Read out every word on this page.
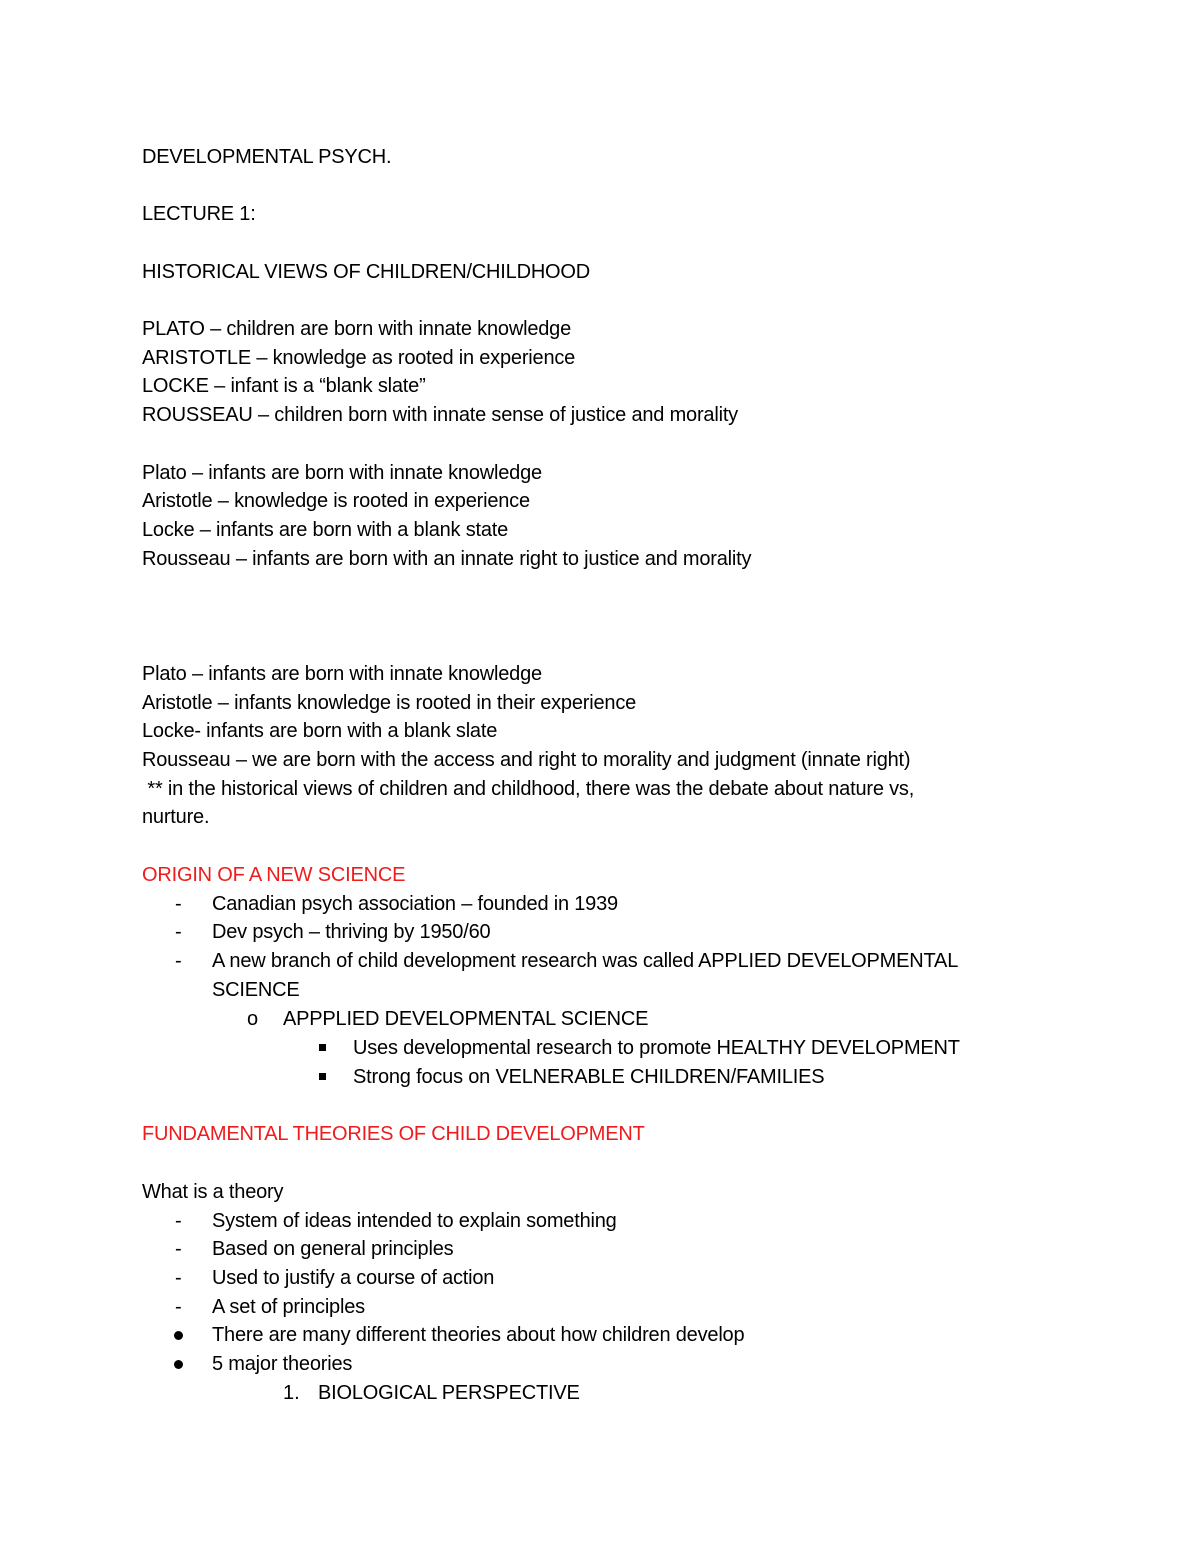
DEVELOPMENTAL PSYCH.
LECTURE 1:
HISTORICAL VIEWS OF CHILDREN/CHILDHOOD
PLATO – children are born with innate knowledge
ARISTOTLE – knowledge as rooted in experience
LOCKE – infant is a “blank slate”
ROUSSEAU – children born with innate sense of justice and morality
Plato – infants are born with innate knowledge
Aristotle – knowledge is rooted in experience
Locke – infants are born with a blank state
Rousseau – infants are born with an innate right to justice and morality
Plato – infants are born with innate knowledge
Aristotle – infants knowledge is rooted in their experience
Locke- infants are born with a blank slate
Rousseau – we are born with the access and right to morality and judgment (innate right)
** in the historical views of children and childhood, there was the debate about nature vs,
nurture.
ORIGIN OF A NEW SCIENCE
- Canadian psych association – founded in 1939
- Dev psych – thriving by 1950/60
- A new branch of child development research was called APPLIED DEVELOPMENTAL
SCIENCE
o APPPLIED DEVELOPMENTAL SCIENCE
Uses developmental research to promote HEALTHY DEVELOPMENT
Strong focus on VELNERABLE CHILDREN/FAMILIES
FUNDAMENTAL THEORIES OF CHILD DEVELOPMENT
What is a theory
- System of ideas intended to explain something
- Based on general principles
- Used to justify a course of action
- A set of principles
There are many different theories about how children develop
5 major theories
1. BIOLOGICAL PERSPECTIVE
